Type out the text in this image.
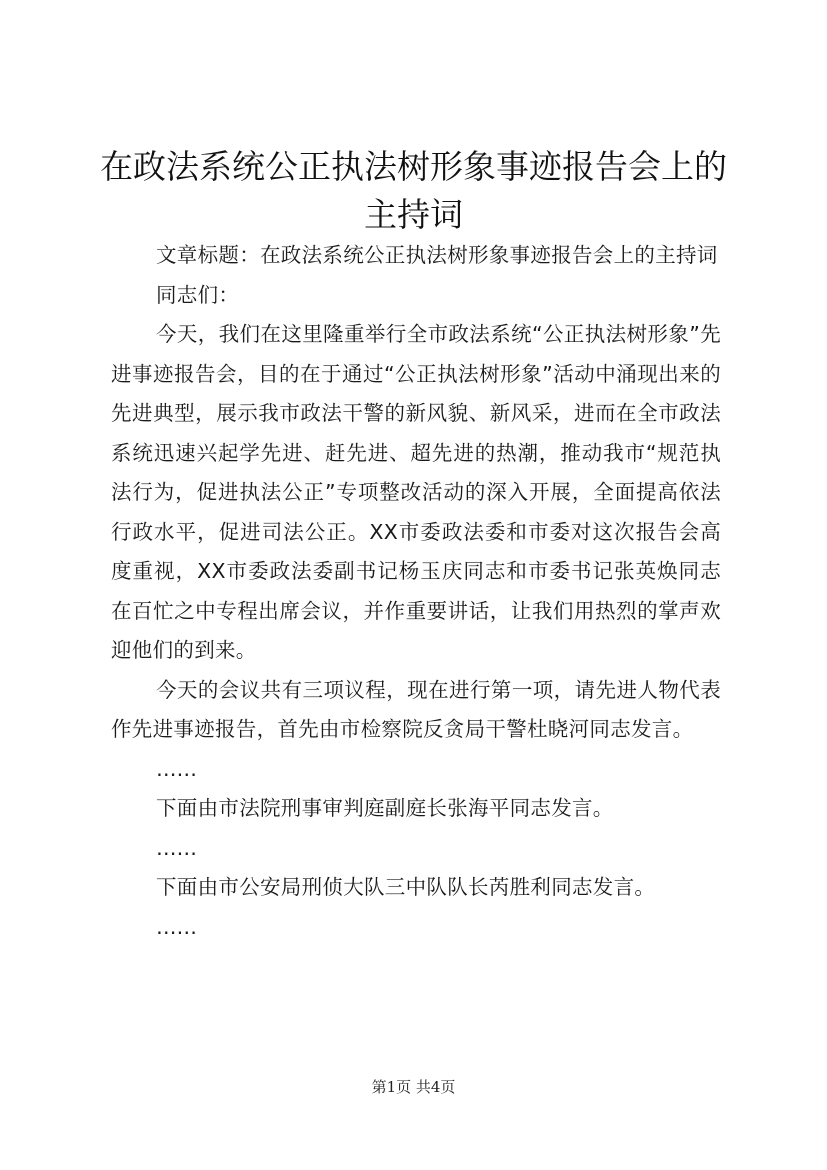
在政法系统公正执法树形象事迹报告会上的主持词

文章标题：在政法系统公正执法树形象事迹报告会上的主持词

同志们：

今天，我们在这里隆重举行全市政法系统“公正执法树形象”先进事迹报告会，目的在于通过“公正执法树形象”活动中涌现出来的先进典型，展示我市政法干警的新风貌、新风采，进而在全市政法系统迅速兴起学先进、赶先进、超先进的热潮，推动我市“规范执法行为，促进执法公正”专项整改活动的深入开展，全面提高依法行政水平，促进司法公正。XX市委政法委和市委对这次报告会高度重视，XX市委政法委副书记杨玉庆同志和市委书记张英焕同志在百忙之中专程出席会议，并作重要讲话，让我们用热烈的掌声欢迎他们的到来。

今天的会议共有三项议程，现在进行第一项，请先进人物代表作先进事迹报告，首先由市检察院反贪局干警杜晓河同志发言。

……

下面由市法院刑事审判庭副庭长张海平同志发言。

……

下面由市公安局刑侦大队三中队队长芮胜利同志发言。

……

第1页 共4页
